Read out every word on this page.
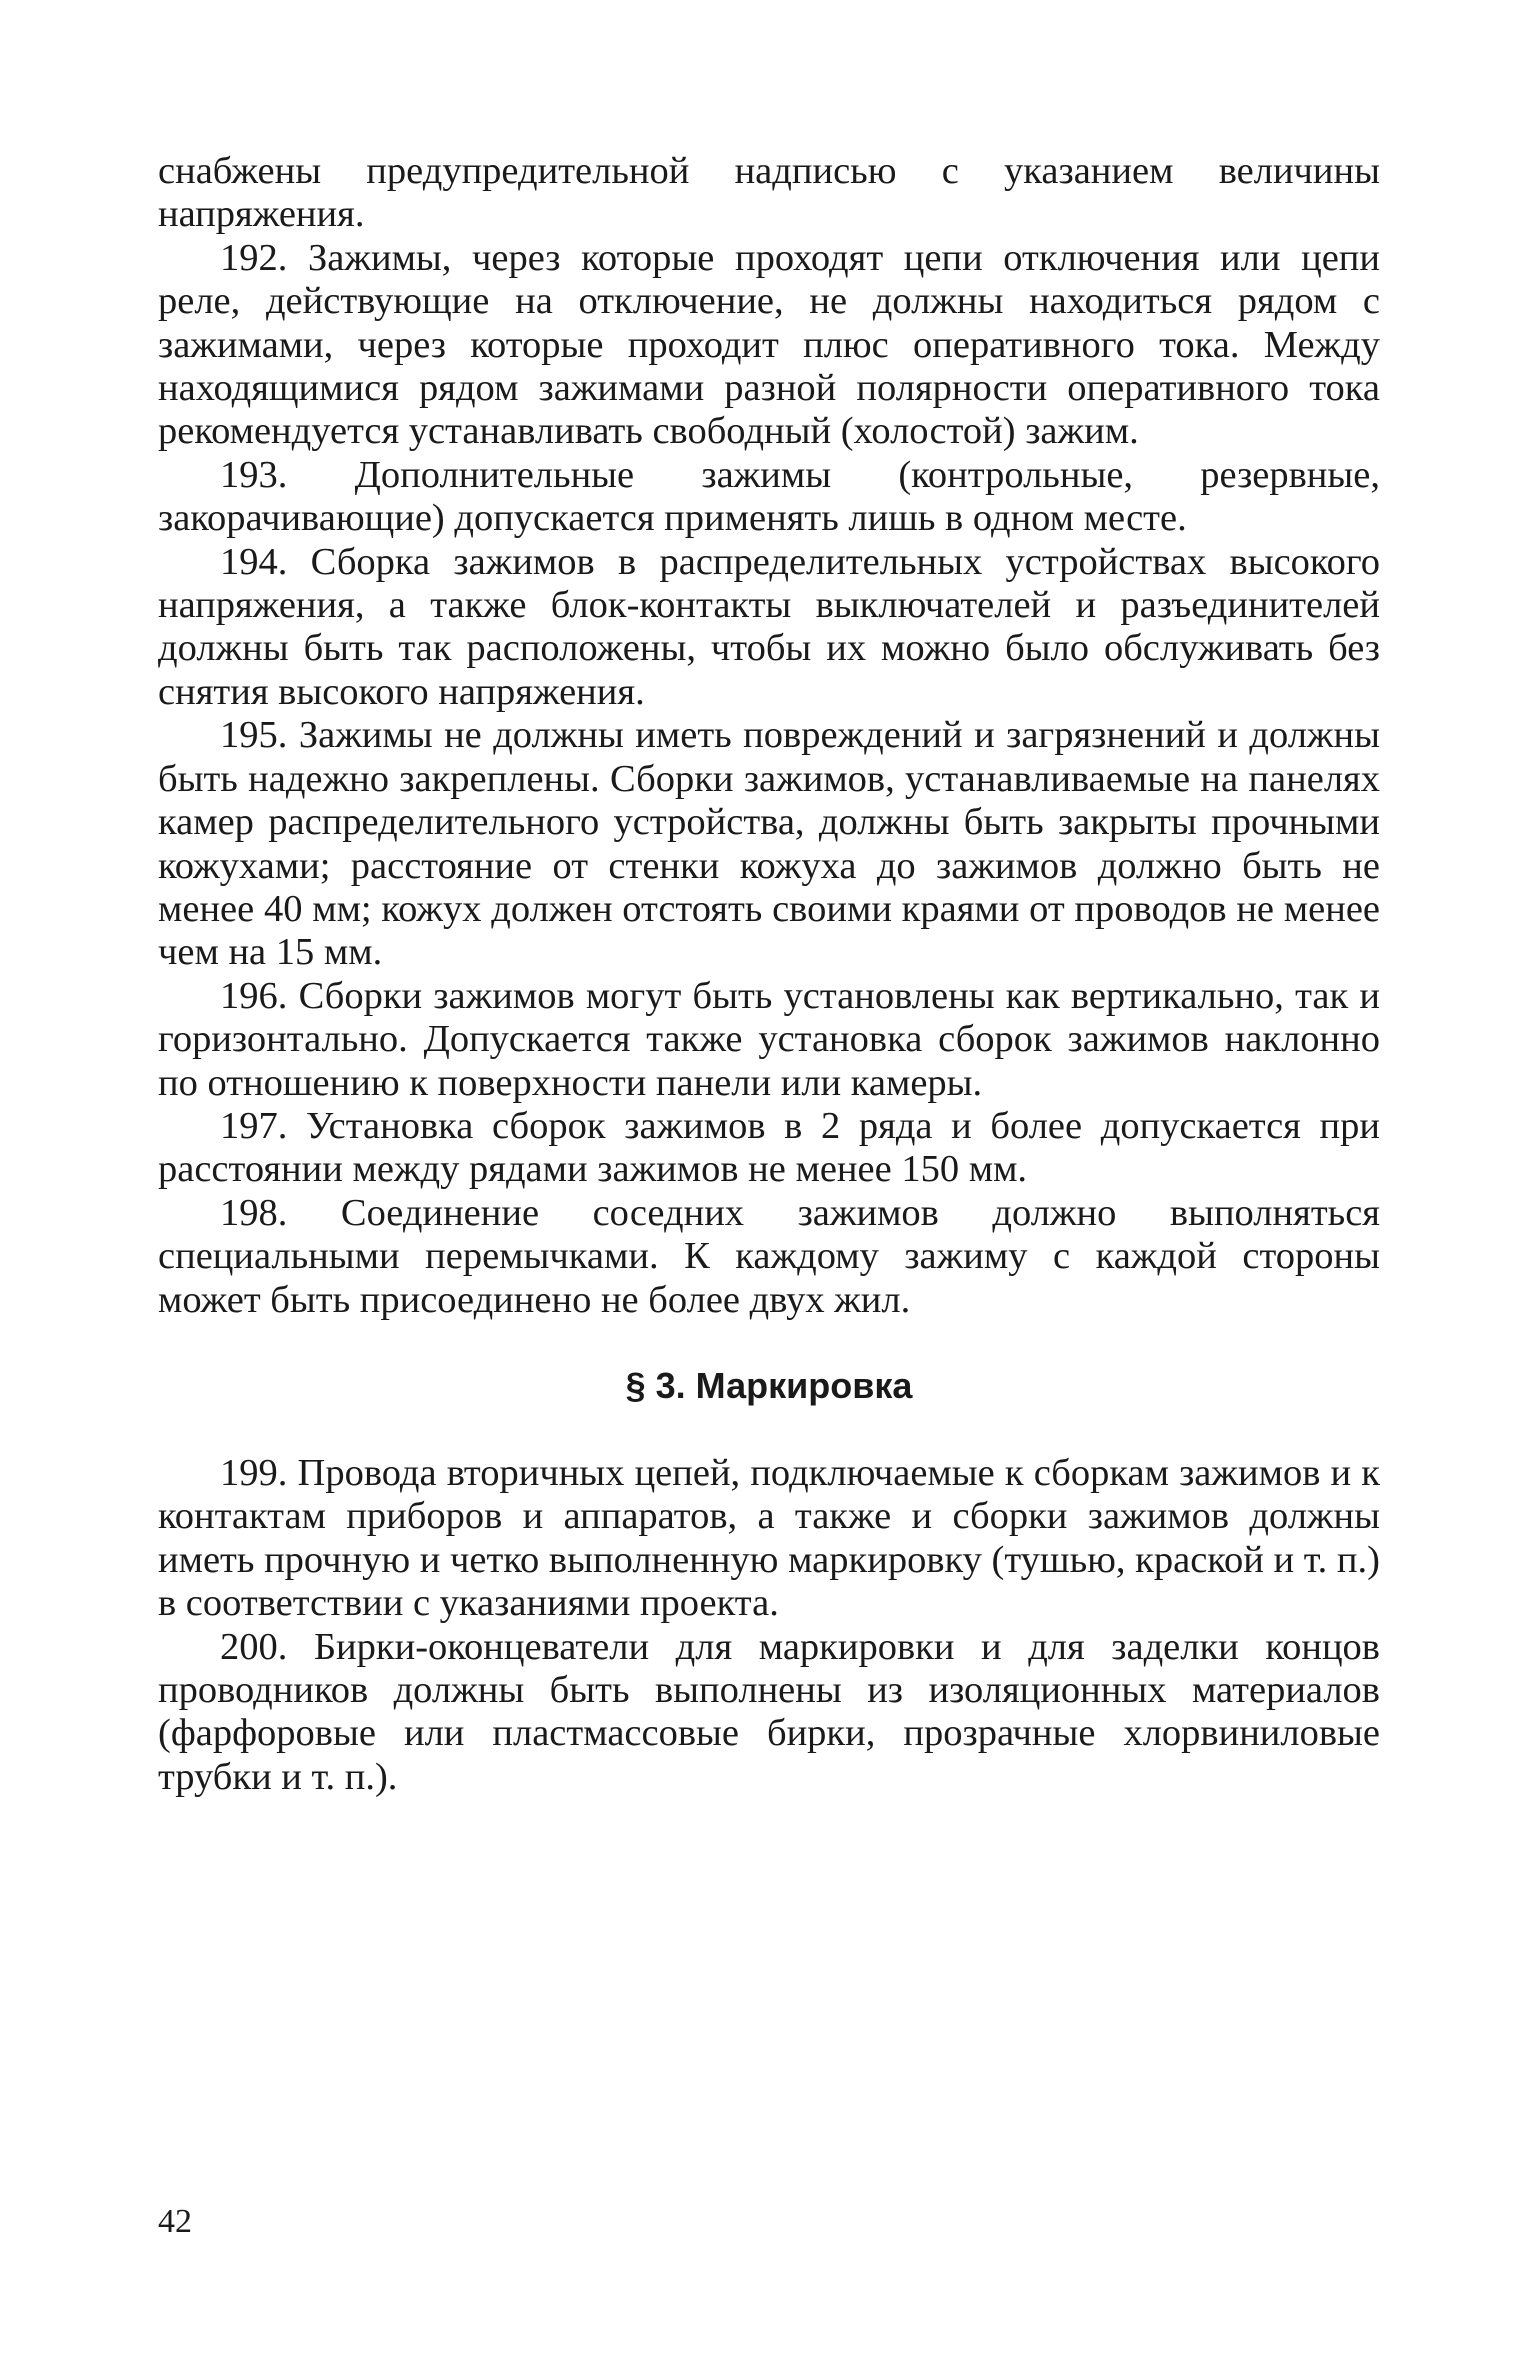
снабжены предупредительной надписью с указанием величины напряжения.

192. Зажимы, через которые проходят цепи отключения или цепи реле, действующие на отключение, не должны находиться рядом с зажимами, через которые проходит плюс оперативного тока. Между находящимися рядом зажимами разной полярности оперативного тока рекомендуется устанавливать свободный (холостой) зажим.

193. Дополнительные зажимы (контрольные, резервные, закорачивающие) допускается применять лишь в одном месте.

194. Сборка зажимов в распределительных устройствах высокого напряжения, а также блок-контакты выключателей и разъединителей должны быть так расположены, чтобы их можно было обслуживать без снятия высокого напряжения.

195. Зажимы не должны иметь повреждений и загрязнений и должны быть надежно закреплены. Сборки зажимов, устанавливаемые на панелях камер распределительного устройства, должны быть закрыты прочными кожухами; расстояние от стенки кожуха до зажимов должно быть не менее 40 мм; кожух должен отстоять своими краями от проводов не менее чем на 15 мм.

196. Сборки зажимов могут быть установлены как вертикально, так и горизонтально. Допускается также установка сборок зажимов наклонно по отношению к поверхности панели или камеры.

197. Установка сборок зажимов в 2 ряда и более допускается при расстоянии между рядами зажимов не менее 150 мм.

198. Соединение соседних зажимов должно выполняться специальными перемычками. К каждому зажиму с каждой стороны может быть присоединено не более двух жил.

§ 3. Маркировка

199. Провода вторичных цепей, подключаемые к сборкам зажимов и к контактам приборов и аппаратов, а также и сборки зажимов должны иметь прочную и четко выполненную маркировку (тушью, краской и т. п.) в соответствии с указаниями проекта.

200. Бирки-оконцеватели для маркировки и для заделки концов проводников должны быть выполнены из изоляционных материалов (фарфоровые или пластмассовые бирки, прозрачные хлорвиниловые трубки и т. п.).

42
